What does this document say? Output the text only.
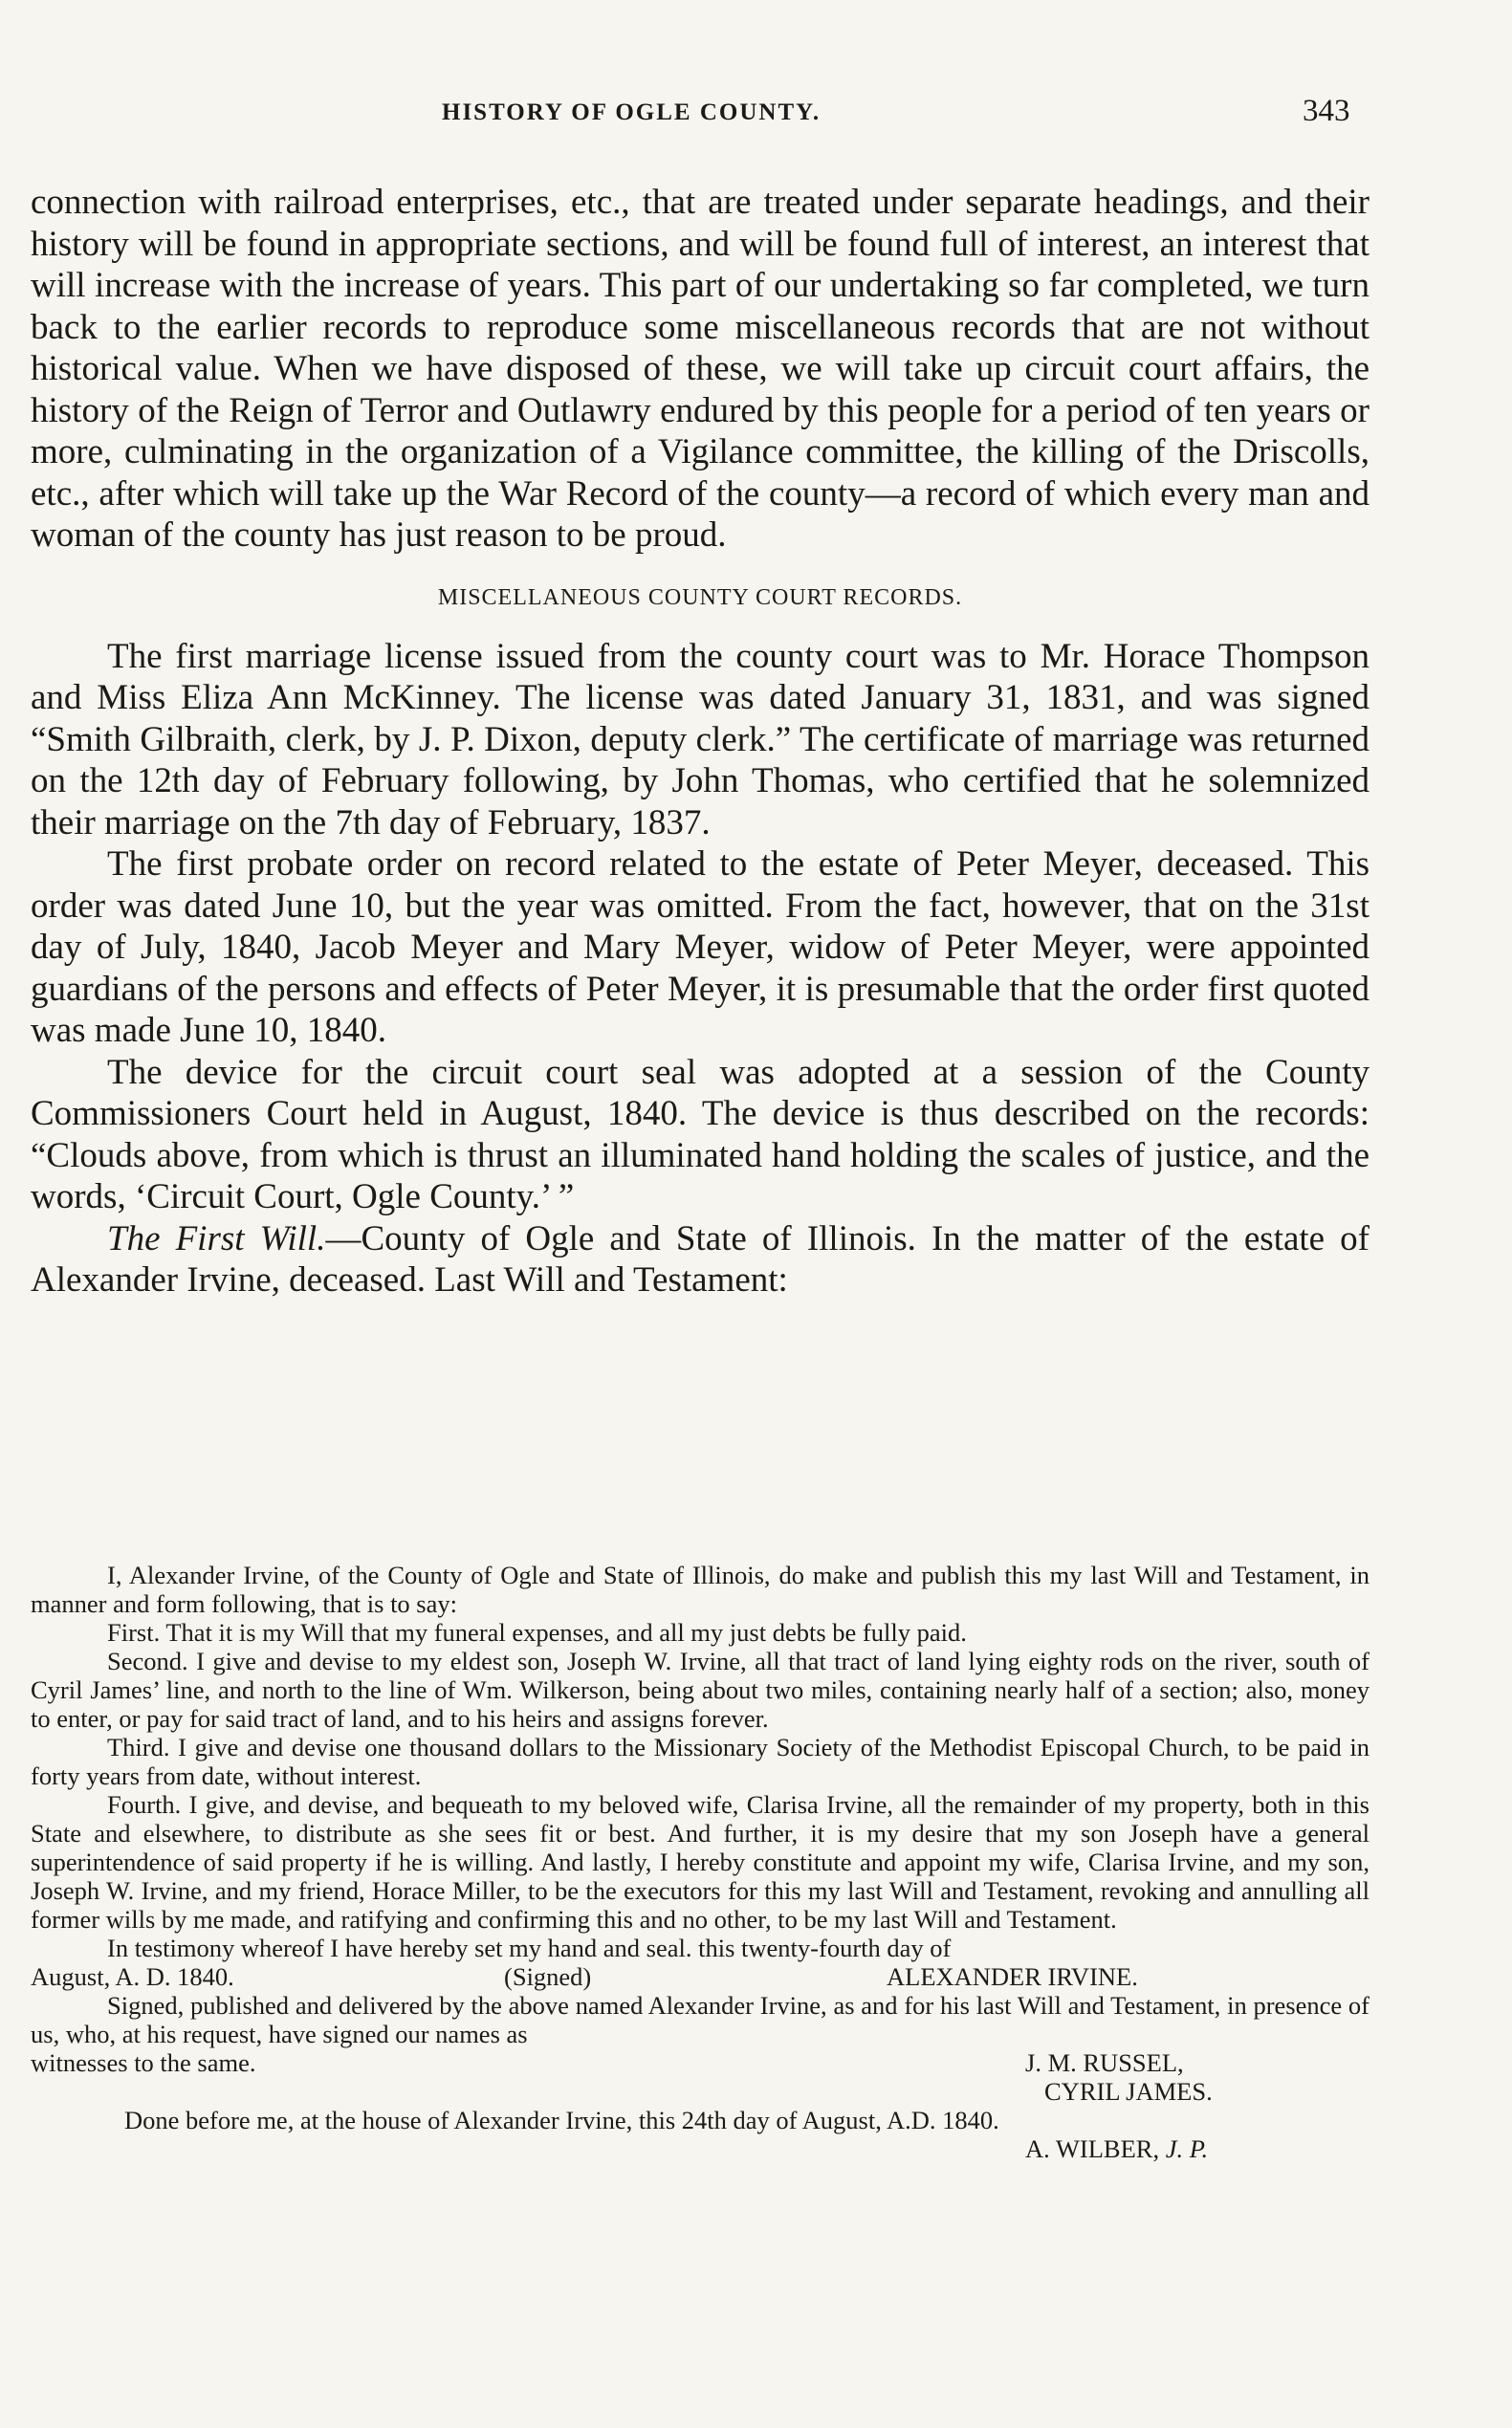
HISTORY OF OGLE COUNTY.	343

connection with railroad enterprises, etc., that are treated under separate headings, and their history will be found in appropriate sections, and will be found full of interest, an interest that will increase with the increase of years. This part of our undertaking so far completed, we turn back to the earlier records to reproduce some miscellaneous records that are not without historical value. When we have disposed of these, we will take up circuit court affairs, the history of the Reign of Terror and Outlawry endured by this people for a period of ten years or more, culminating in the organization of a Vigilance committee, the killing of the Driscolls, etc., after which will take up the War Record of the county—a record of which every man and woman of the county has just reason to be proud.

MISCELLANEOUS COUNTY COURT RECORDS.

The first marriage license issued from the county court was to Mr. Horace Thompson and Miss Eliza Ann McKinney. The license was dated January 31, 1831, and was signed “Smith Gilbraith, clerk, by J. P. Dixon, deputy clerk.” The certificate of marriage was returned on the 12th day of February following, by John Thomas, who certified that he solemnized their marriage on the 7th day of February, 1837.

The first probate order on record related to the estate of Peter Meyer, deceased. This order was dated June 10, but the year was omitted. From the fact, however, that on the 31st day of July, 1840, Jacob Meyer and Mary Meyer, widow of Peter Meyer, were appointed guardians of the persons and effects of Peter Meyer, it is presumable that the order first quoted was made June 10, 1840.

The device for the circuit court seal was adopted at a session of the County Commissioners Court held in August, 1840. The device is thus described on the records: “Clouds above, from which is thrust an illuminated hand holding the scales of justice, and the words, ‘Circuit Court, Ogle County.’ ”

The First Will.—County of Ogle and State of Illinois. In the matter of the estate of Alexander Irvine, deceased. Last Will and Testament:

I, Alexander Irvine, of the County of Ogle and State of Illinois, do make and publish this my last Will and Testament, in manner and form following, that is to say:

First. That it is my Will that my funeral expenses, and all my just debts be fully paid.

Second. I give and devise to my eldest son, Joseph W. Irvine, all that tract of land lying eighty rods on the river, south of Cyril James’ line, and north to the line of Wm. Wilkerson, being about two miles, containing nearly half of a section; also, money to enter, or pay for said tract of land, and to his heirs and assigns forever.

Third. I give and devise one thousand dollars to the Missionary Society of the Methodist Episcopal Church, to be paid in forty years from date, without interest.

Fourth. I give, and devise, and bequeath to my beloved wife, Clarisa Irvine, all the remainder of my property, both in this State and elsewhere, to distribute as she sees fit or best. And further, it is my desire that my son Joseph have a general superintendence of said property if he is willing. And lastly, I hereby constitute and appoint my wife, Clarisa Irvine, and my son, Joseph W. Irvine, and my friend, Horace Miller, to be the executors for this my last Will and Testament, revoking and annulling all former wills by me made, and ratifying and confirming this and no other, to be my last Will and Testament.

In testimony whereof I have hereby set my hand and seal. this twenty-fourth day of

August, A. D. 1840.	(Signed)	ALEXANDER IRVINE.

Signed, published and delivered by the above named Alexander Irvine, as and for his last Will and Testament, in presence of us, who, at his request, have signed our names as

witnesses to the same.	J. M. RUSSEL,
CYRIL JAMES.

Done before me, at the house of Alexander Irvine, this 24th day of August, A.D. 1840.

A. WILBER, J. P.
